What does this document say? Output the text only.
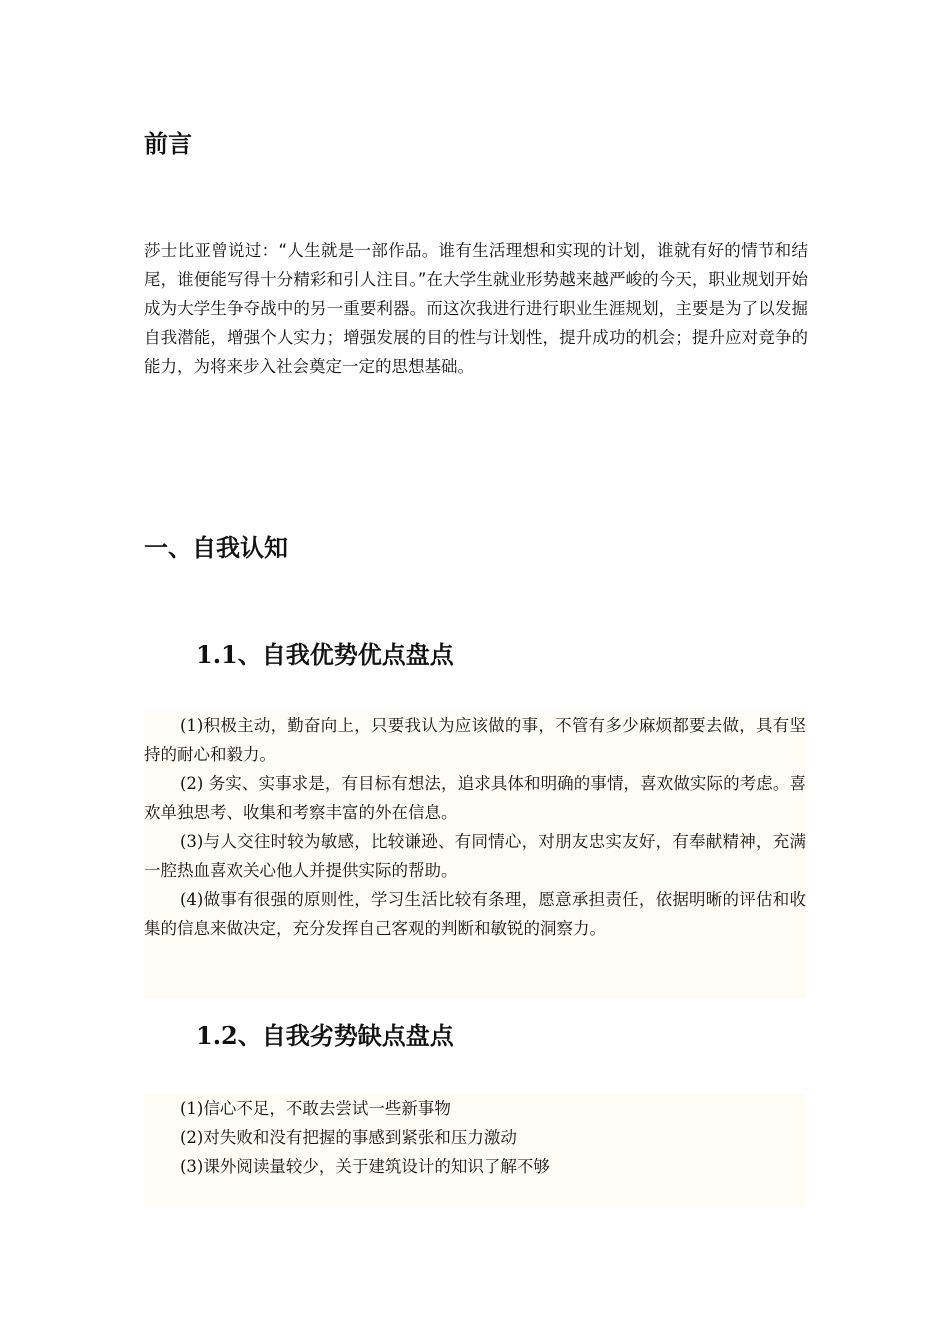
前言

莎士比亚曾说过：“人生就是一部作品。谁有生活理想和实现的计划，谁就有好的情节和结尾，谁便能写得十分精彩和引人注目。”在大学生就业形势越来越严峻的今天，职业规划开始成为大学生争夺战中的另一重要利器。而这次我进行进行职业生涯规划，主要是为了以发掘自我潜能，增强个人实力；增强发展的目的性与计划性，提升成功的机会；提升应对竞争的能力，为将来步入社会奠定一定的思想基础。

一、自我认知
1.1、自我优势优点盘点

(1)积极主动，勤奋向上，只要我认为应该做的事，不管有多少麻烦都要去做，具有坚持的耐心和毅力。

(2) 务实、实事求是，有目标有想法，追求具体和明确的事情，喜欢做实际的考虑。喜欢单独思考、收集和考察丰富的外在信息。

(3)与人交往时较为敏感，比较谦逊、有同情心，对朋友忠实友好，有奉献精神，充满一腔热血喜欢关心他人并提供实际的帮助。

(4)做事有很强的原则性，学习生活比较有条理，愿意承担责任，依据明晰的评估和收集的信息来做决定，充分发挥自己客观的判断和敏锐的洞察力。

1.2、自我劣势缺点盘点

(1)信心不足，不敢去尝试一些新事物

(2)对失败和没有把握的事感到紧张和压力激动

(3)课外阅读量较少，关于建筑设计的知识了解不够
